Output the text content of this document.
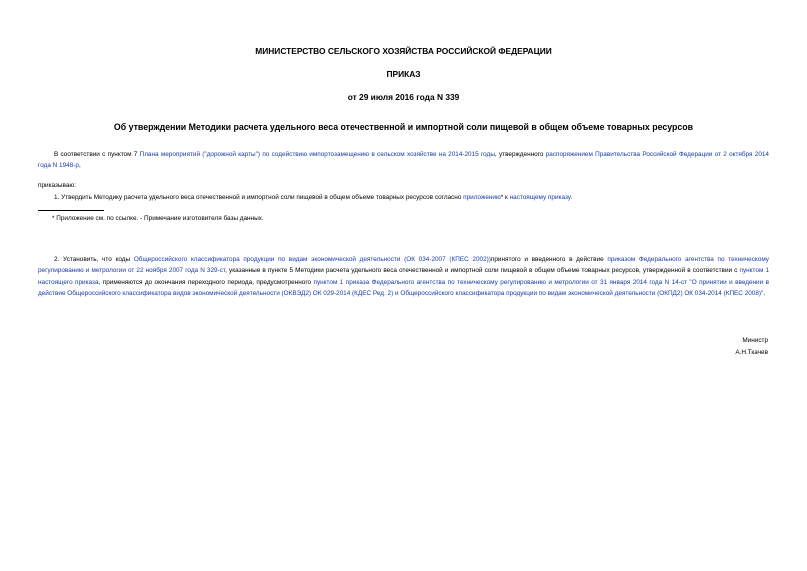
МИНИСТЕРСТВО СЕЛЬСКОГО ХОЗЯЙСТВА РОССИЙСКОЙ ФЕДЕРАЦИИ
ПРИКАЗ
от 29 июля 2016 года N 339
Об утверждении Методики расчета удельного веса отечественной и импортной соли пищевой в общем объеме товарных ресурсов
В соответствии с пунктом 7 Плана мероприятий ("дорожной карты") по содействию импортозамещению в сельском хозяйстве на 2014-2015 годы, утвержденного распоряжением Правительства Российской Федерации от 2 октября 2014 года N 1948-р,
приказываю:
1. Утвердить Методику расчета удельного веса отечественной и импортной соли пищевой в общем объеме товарных ресурсов согласно приложению* к настоящему приказу.
* Приложение см. по ссылке. - Примечание изготовителя базы данных.
2. Установить, что коды Общероссийского классификатора продукции по видам экономической деятельности (ОК 034-2007 (КПЕС 2002))принятого и введенного в действие приказом Федерального агентства по техническому регулированию и метрологии от 22 ноября 2007 года N 329-ст, указанные в пункте 5 Методики расчета удельного веса отечественной и импортной соли пищевой в общем объеме товарных ресурсов, утвержденной в соответствии с пунктом 1 настоящего приказа, применяются до окончания переходного периода, предусмотренного пунктом 1 приказа Федерального агентства по техническому регулированию и метрологии от 31 января 2014 года N 14-ст "О принятии и введении в действие Общероссийского классификатора видов экономической деятельности (ОКВЭД2) ОК 029-2014 (КДЕС Ред. 2) и Общероссийского классификатора продукции по видам экономической деятельности (ОКПД2) ОК 034-2014 (КПЕС 2008)".
Министр
А.Н.Ткачев
